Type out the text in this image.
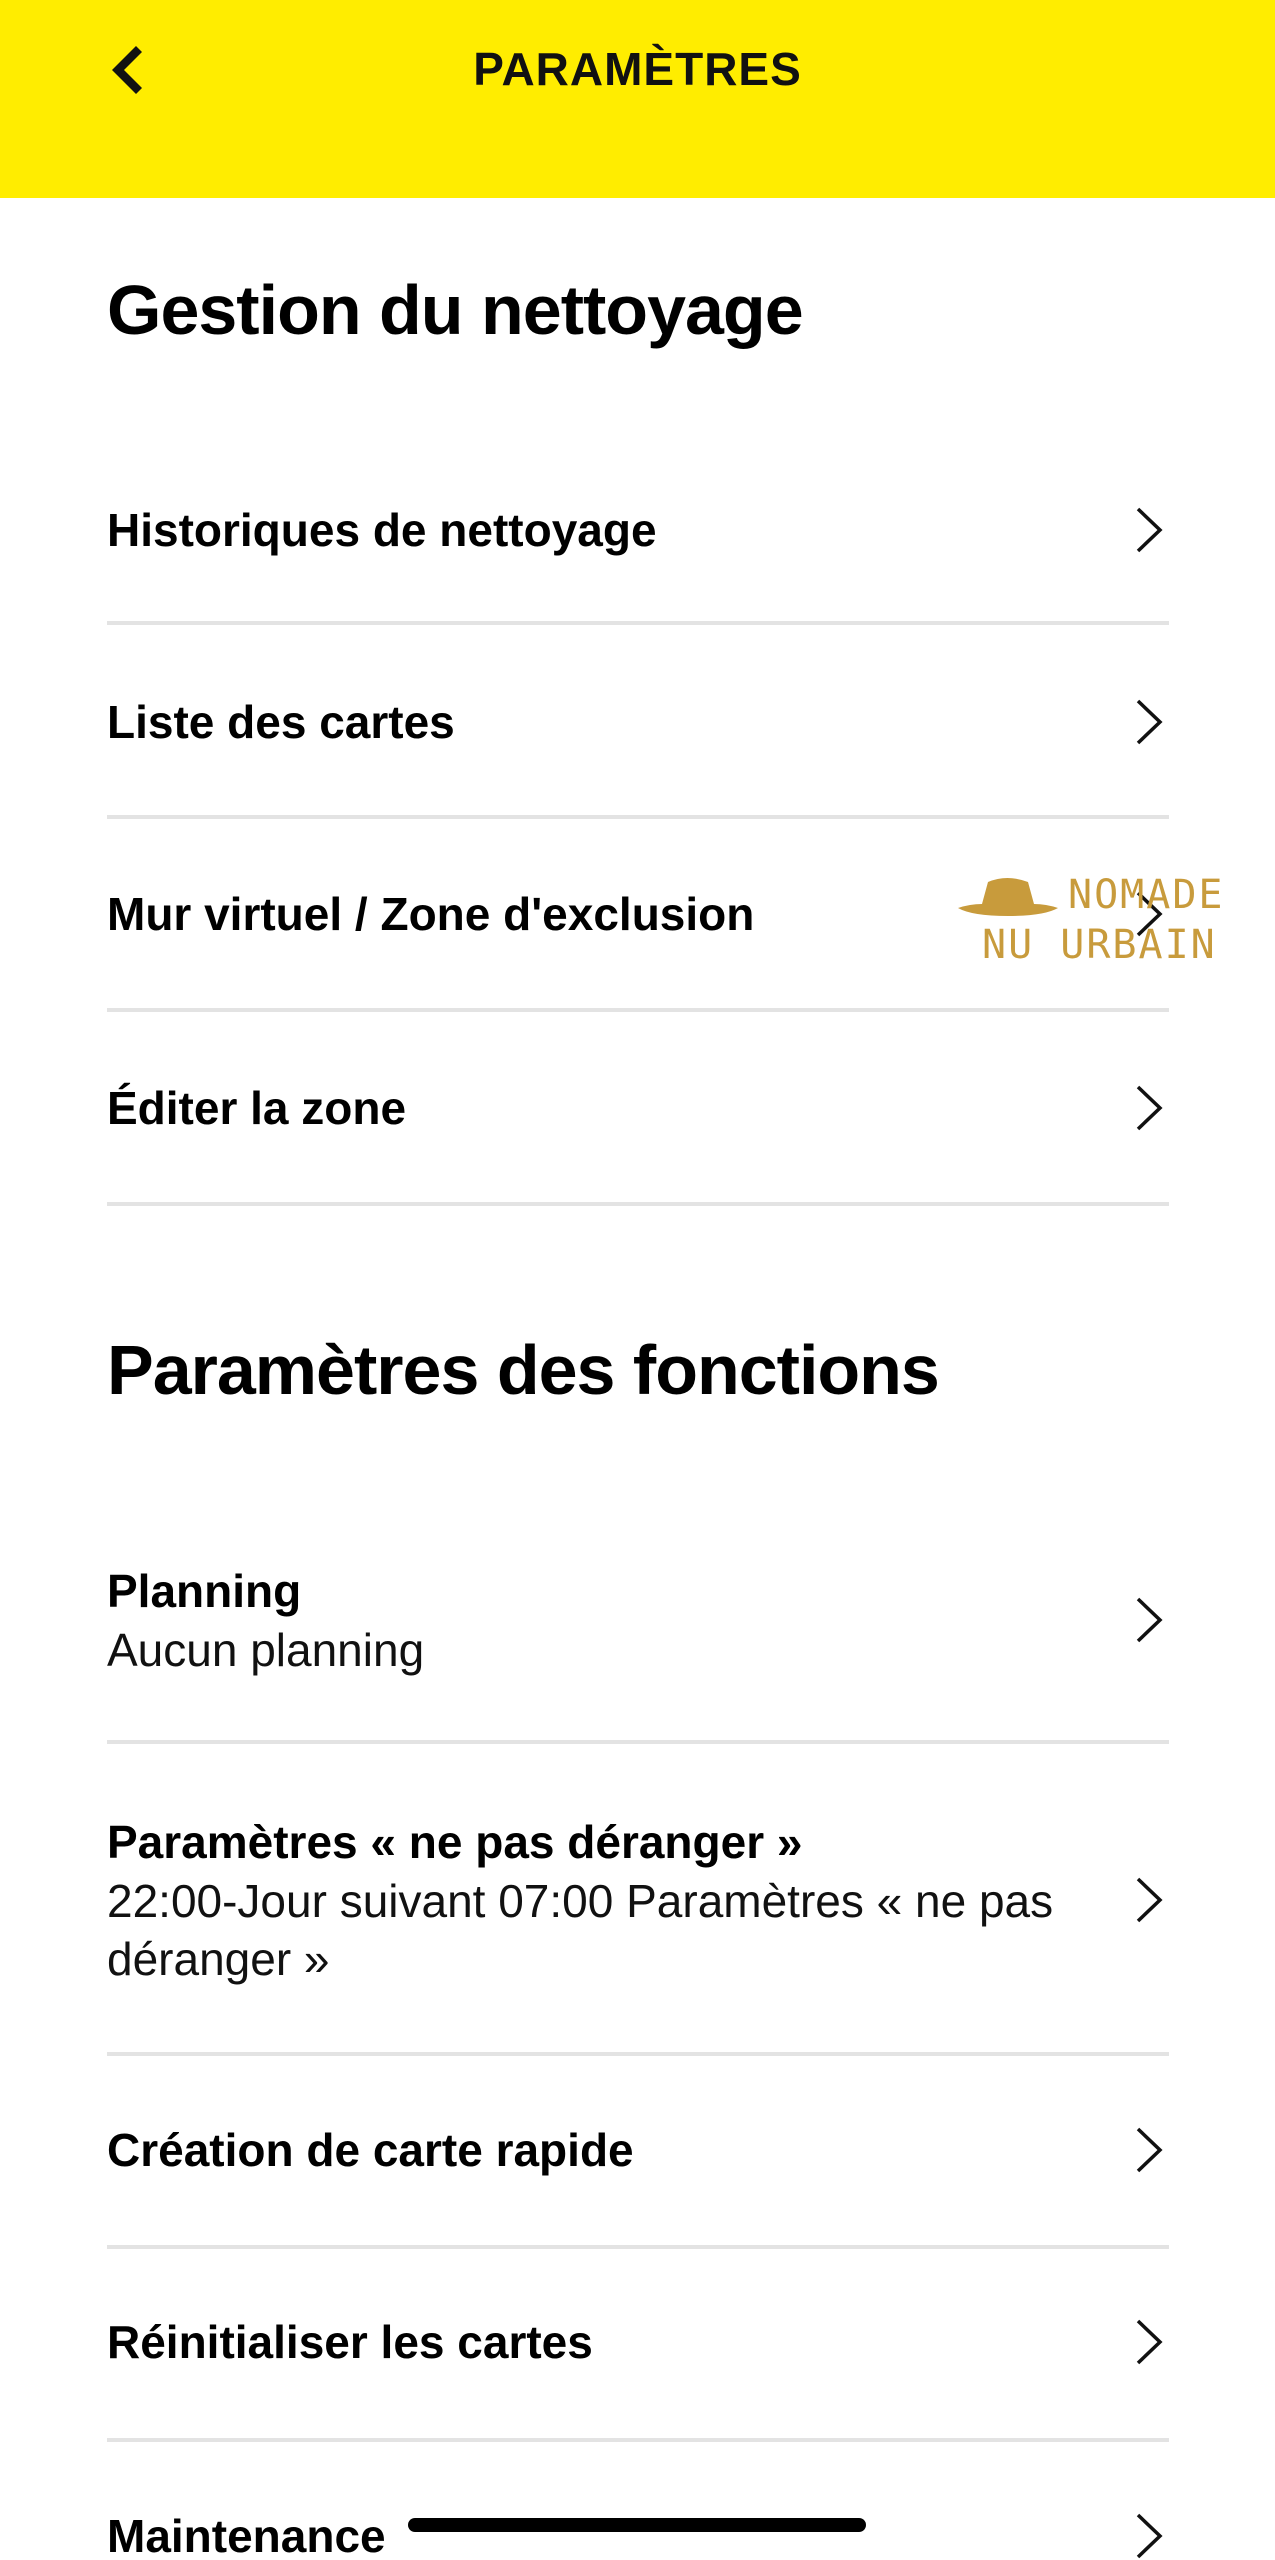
PARAMÈTRES
Gestion du nettoyage
Historiques de nettoyage
Liste des cartes
Mur virtuel / Zone d'exclusion
Éditer la zone
Paramètres des fonctions
Planning
Aucun planning
Paramètres « ne pas déranger »
22:00-Jour suivant 07:00 Paramètres « ne pas déranger »
Création de carte rapide
Réinitialiser les cartes
Maintenance
NOMADE
NU URBAIN
